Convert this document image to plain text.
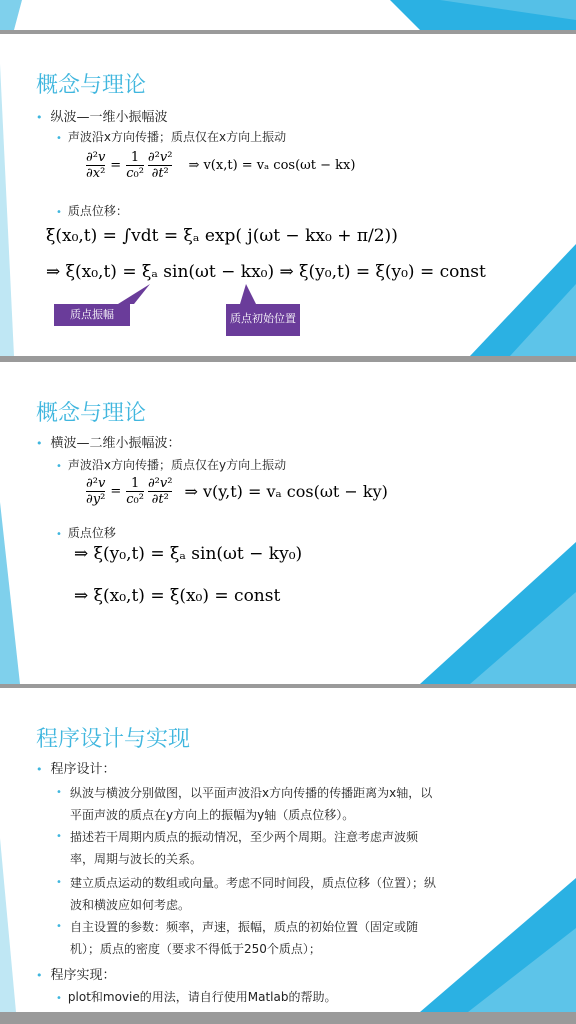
概念与理论
• 纵波—一维小振幅波
• 声波沿x方向传播；质点仅在x方向上振动
∂²v
∂x²
	=	
1
c₀²

∂²v²
∂t²
	⇒ v(x,t) = vₐ cos(ωt − kx)
• 质点位移：
ξ(x₀,t) = ∫vdt = ξₐ exp( j(ωt − kx₀ + π/2))
⇒ ξ(x₀,t) = ξₐ sin(ωt − kx₀) ⇒ ξ(y₀,t) = ξ(y₀) = const
质点振幅	质点初始位置
概念与理论
• 横波—二维小振幅波：
• 声波沿x方向传播；质点仅在y方向上振动
∂²v
∂y²
	=	
1
c₀²

∂²v²
∂t²	⇒ v(y,t) = vₐ cos(ωt − ky)
• 质点位移
⇒ ξ(y₀,t) = ξₐ sin(ωt − ky₀)
⇒ ξ(x₀,t) = ξ(x₀) = const
程序设计与实现
• 程序设计：
• 纵波与横波分别做图，以平面声波沿x方向传播的传播距离为x轴，以平面声波的质点在y方向上的振幅为y轴（质点位移）。
• 描述若干周期内质点的振动情况，至少两个周期。注意考虑声波频率，周期与波长的关系。
• 建立质点运动的数组或向量。考虑不同时间段，质点位移（位置）；纵波和横波应如何考虑。
• 自主设置的参数：频率，声速，振幅，质点的初始位置（固定或随机）；质点的密度（要求不得低于250个质点）；
• 程序实现：
• plot和movie的用法，请自行使用Matlab的帮助。
